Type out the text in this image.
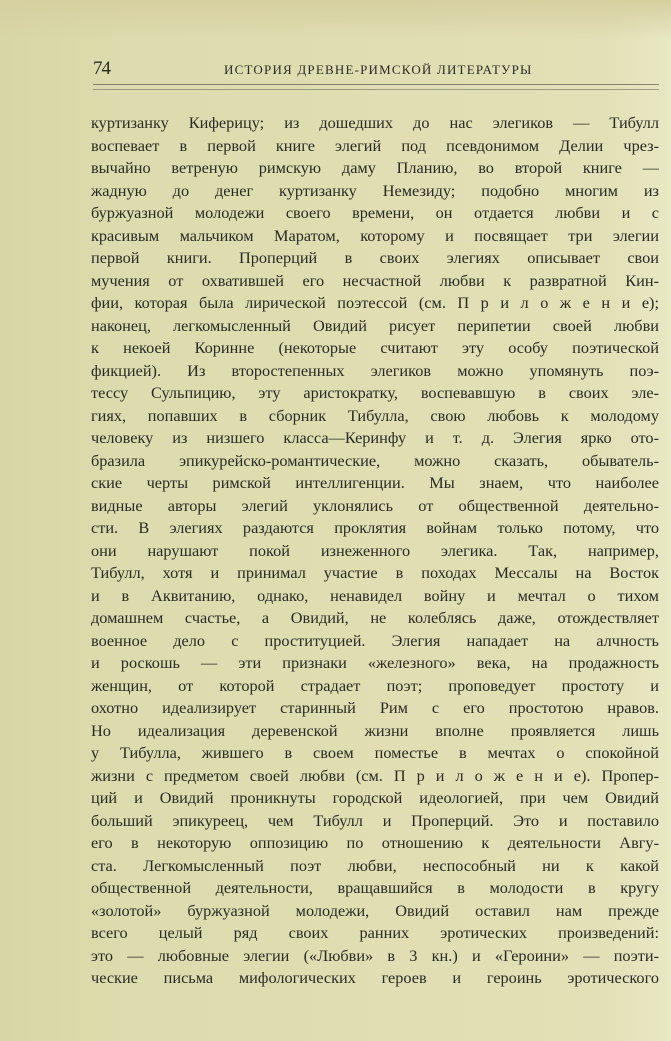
74	ИСТОРИЯ ДРЕВНЕ-РИМСКОЙ ЛИТЕРАТУРЫ
куртизанку Киферицу; из дошедших до нас элегиков — Тибулл
воспевает в первой книге элегий под псевдонимом Делии чрез-
вычайно ветреную римскую даму Планию, во второй книге —
жадную до денег куртизанку Немезиду; подобно многим из
буржуазной молодежи своего времени, он отдается любви и с
красивым мальчиком Маратом, которому и посвящает три элегии
первой книги. Проперций в своих элегиях описывает свои
мучения от охватившей его несчастной любви к развратной Кин-
фии, которая была лирической поэтессой (см. П р и л о ж е н и е);
наконец, легкомысленный Овидий рисует перипетии своей любви
к некоей Коринне (некоторые считают эту особу поэтической
фикцией). Из второстепенных элегиков можно упомянуть поэ-
тессу Сульпицию, эту аристократку, воспевавшую в своих эле-
гиях, попавших в сборник Тибулла, свою любовь к молодому
человеку из низшего класса—Керинфу и т. д. Элегия ярко ото-
бразила эпикурейско-романтические, можно сказать, обыватель-
ские черты римской интеллигенции. Мы знаем, что наиболее
видные авторы элегий уклонялись от общественной деятельно-
сти. В элегиях раздаются проклятия войнам только потому, что
они нарушают покой изнеженного элегика. Так, например,
Тибулл, хотя и принимал участие в походах Мессалы на Восток
и в Аквитанию, однако, ненавидел войну и мечтал о тихом
домашнем счастье, а Овидий, не колеблясь даже, отождествляет
военное дело с проституцией. Элегия нападает на алчность
и роскошь — эти признаки «железного» века, на продажность
женщин, от которой страдает поэт; проповедует простоту и
охотно идеализирует старинный Рим с его простотою нравов.
Но идеализация деревенской жизни вполне проявляется лишь
у Тибулла, жившего в своем поместье в мечтах о спокойной
жизни с предметом своей любви (см. П р и л о ж е н и е). Пропер-
ций и Овидий проникнуты городской идеологией, при чем Овидий
больший эпикуреец, чем Тибулл и Проперций. Это и поставило
его в некоторую оппозицию по отношению к деятельности Авгу-
ста. Легкомысленный поэт любви, неспособный ни к какой
общественной деятельности, вращавшийся в молодости в кругу
«золотой» буржуазной молодежи, Овидий оставил нам прежде
всего целый ряд своих ранних эротических произведений:
это — любовные элегии («Любви» в 3 кн.) и «Героини» — поэти-
ческие письма мифологических героев и героинь эротического
